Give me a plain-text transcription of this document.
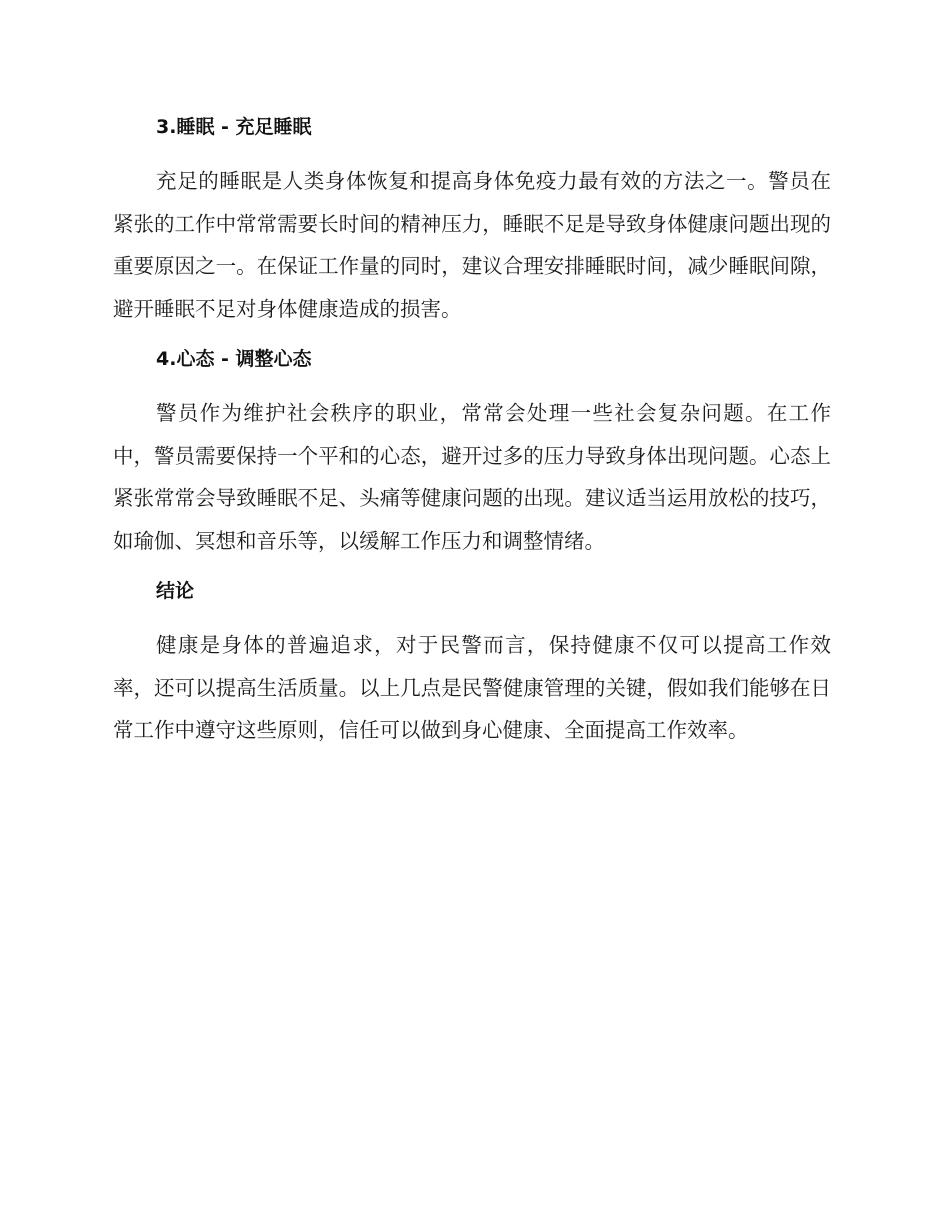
3.睡眠 - 充足睡眠

充足的睡眠是人类身体恢复和提高身体免疫力最有效的方法之一。警员在紧张的工作中常常需要长时间的精神压力，睡眠不足是导致身体健康问题出现的重要原因之一。在保证工作量的同时，建议合理安排睡眠时间，减少睡眠间隙，避开睡眠不足对身体健康造成的损害。

4.心态 - 调整心态

警员作为维护社会秩序的职业，常常会处理一些社会复杂问题。在工作中，警员需要保持一个平和的心态，避开过多的压力导致身体出现问题。心态上紧张常常会导致睡眠不足、头痛等健康问题的出现。建议适当运用放松的技巧，如瑜伽、冥想和音乐等，以缓解工作压力和调整情绪。

结论

健康是身体的普遍追求，对于民警而言，保持健康不仅可以提高工作效率，还可以提高生活质量。以上几点是民警健康管理的关键，假如我们能够在日常工作中遵守这些原则，信任可以做到身心健康、全面提高工作效率。
